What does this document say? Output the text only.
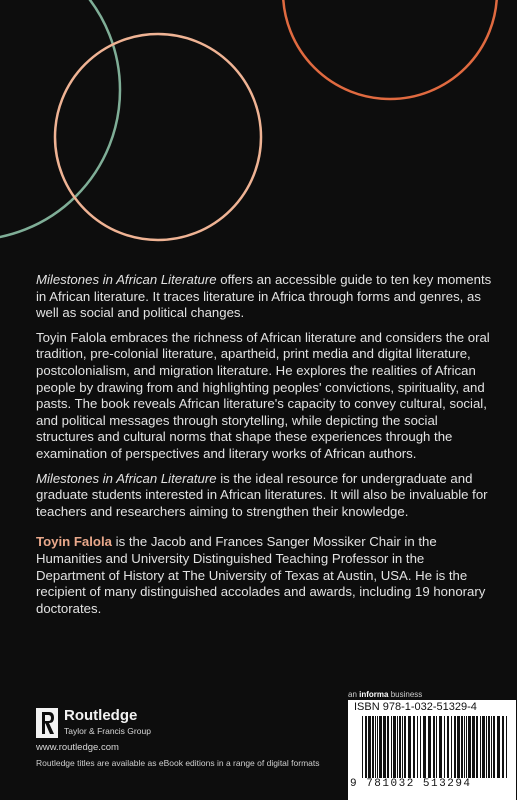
Milestones in African Literature offers an accessible guide to ten key moments in African literature. It traces literature in Africa through forms and genres, as well as social and political changes.

Toyin Falola embraces the richness of African literature and considers the oral tradition, pre-colonial literature, apartheid, print media and digital literature, postcolonialism, and migration literature. He explores the realities of African people by drawing from and highlighting peoples' convictions, spirituality, and pasts. The book reveals African literature's capacity to convey cultural, social, and political messages through storytelling, while depicting the social structures and cultural norms that shape these experiences through the examination of perspectives and literary works of African authors.

Milestones in African Literature is the ideal resource for undergraduate and graduate students interested in African literatures. It will also be invaluable for teachers and researchers aiming to strengthen their knowledge.

Toyin Falola is the Jacob and Frances Sanger Mossiker Chair in the Humanities and University Distinguished Teaching Professor in the Department of History at The University of Texas at Austin, USA. He is the recipient of many distinguished accolades and awards, including 19 honorary doctorates.

Routledge
Taylor & Francis Group
www.routledge.com
Routledge titles are available as eBook editions in a range of digital formats
an informa business
ISBN 978-1-032-51329-4
9 781032 513294
